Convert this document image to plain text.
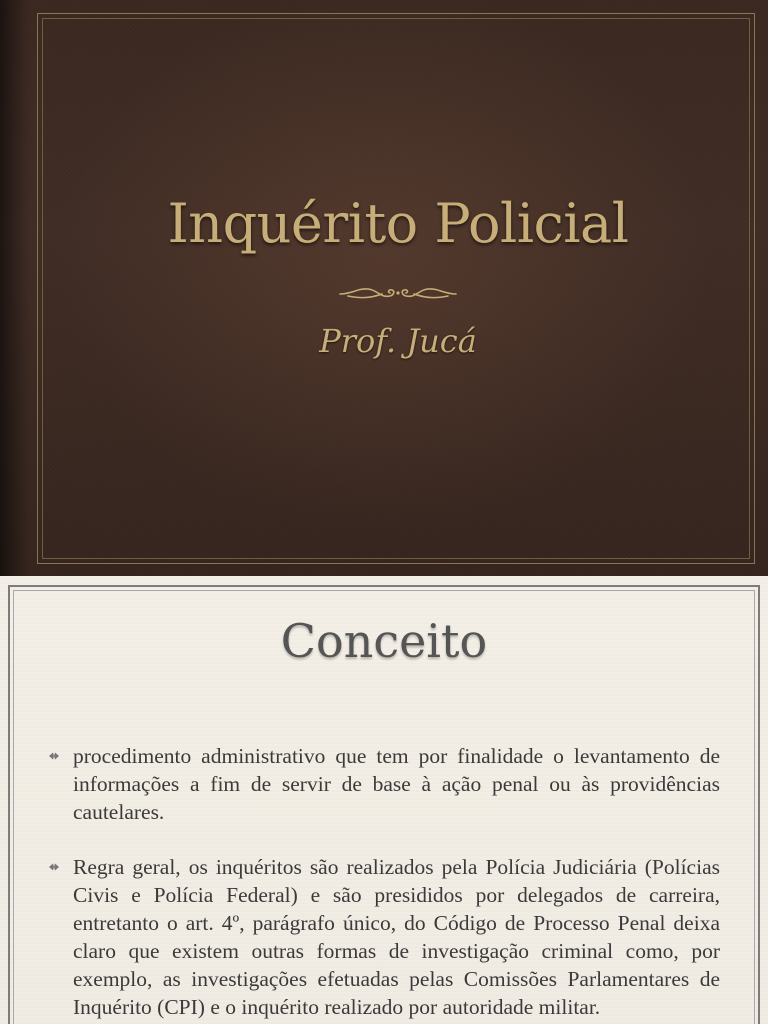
Inquérito Policial
Prof. Jucá
Conceito
procedimento administrativo que tem por finalidade o levantamento de informações a fim de servir de base à ação penal ou às providências cautelares.
Regra geral, os inquéritos são realizados pela Polícia Judiciária (Polícias Civis e Polícia Federal) e são presididos por delegados de carreira, entretanto o art. 4º, parágrafo único, do Código de Processo Penal deixa claro que existem outras formas de investigação criminal como, por exemplo, as investigações efetuadas pelas Comissões Parlamentares de Inquérito (CPI) e o inquérito realizado por autoridade militar.
